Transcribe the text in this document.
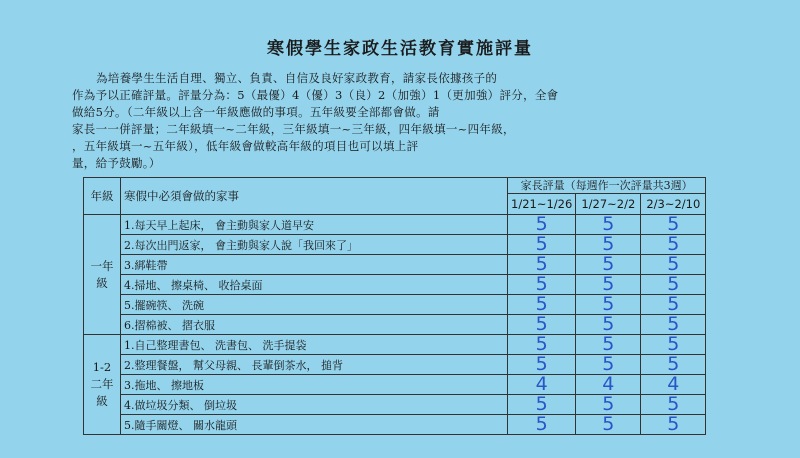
寒假學生家政生活教育實施評量

為培養學生生活自理、獨立、負責、自信及良好家政教育，請家長依據孩子的

作為予以正確評量。評量分為：5（最優）4（優）3（良）2（加強）1（更加強）評分，全會

做給5分。（二年級以上含一年級應做的事項。五年級要全部都會做。請

家長一一併評量；二年級填一~二年級，三年級填一~三年級，四年級填一~四年級，

，五年級填一~五年級），低年級會做較高年級的項目也可以填上評

量，給予鼓勵。）

年級	寒假中必須會做的家事	家長評量（每週作一次評量共3週）		
		1/21~1/26	1/27~2/2	2/3~2/10
一年級	1.每天早上起床， 會主動與家人道早安	5	5	5
	2.每次出門返家， 會主動與家人說「我回來了」	5	5	5
	3.綁鞋帶	5	5	5
	4.掃地、 擦桌椅、 收拾桌面	5	5	5
	5.擺碗筷、 洗碗	5	5	5
	6.摺棉被、 摺衣服	5	5	5
1-2二年級	1.自己整理書包、 洗書包、 洗手提袋	5	5	5
	2.整理餐盤， 幫父母親、 長輩倒茶水， 搥背	5	5	5
	3.拖地、 擦地板	4	4	4
	4.做垃圾分類、 倒垃圾	5	5	5
	5.隨手關燈、 關水龍頭	5	5	5
